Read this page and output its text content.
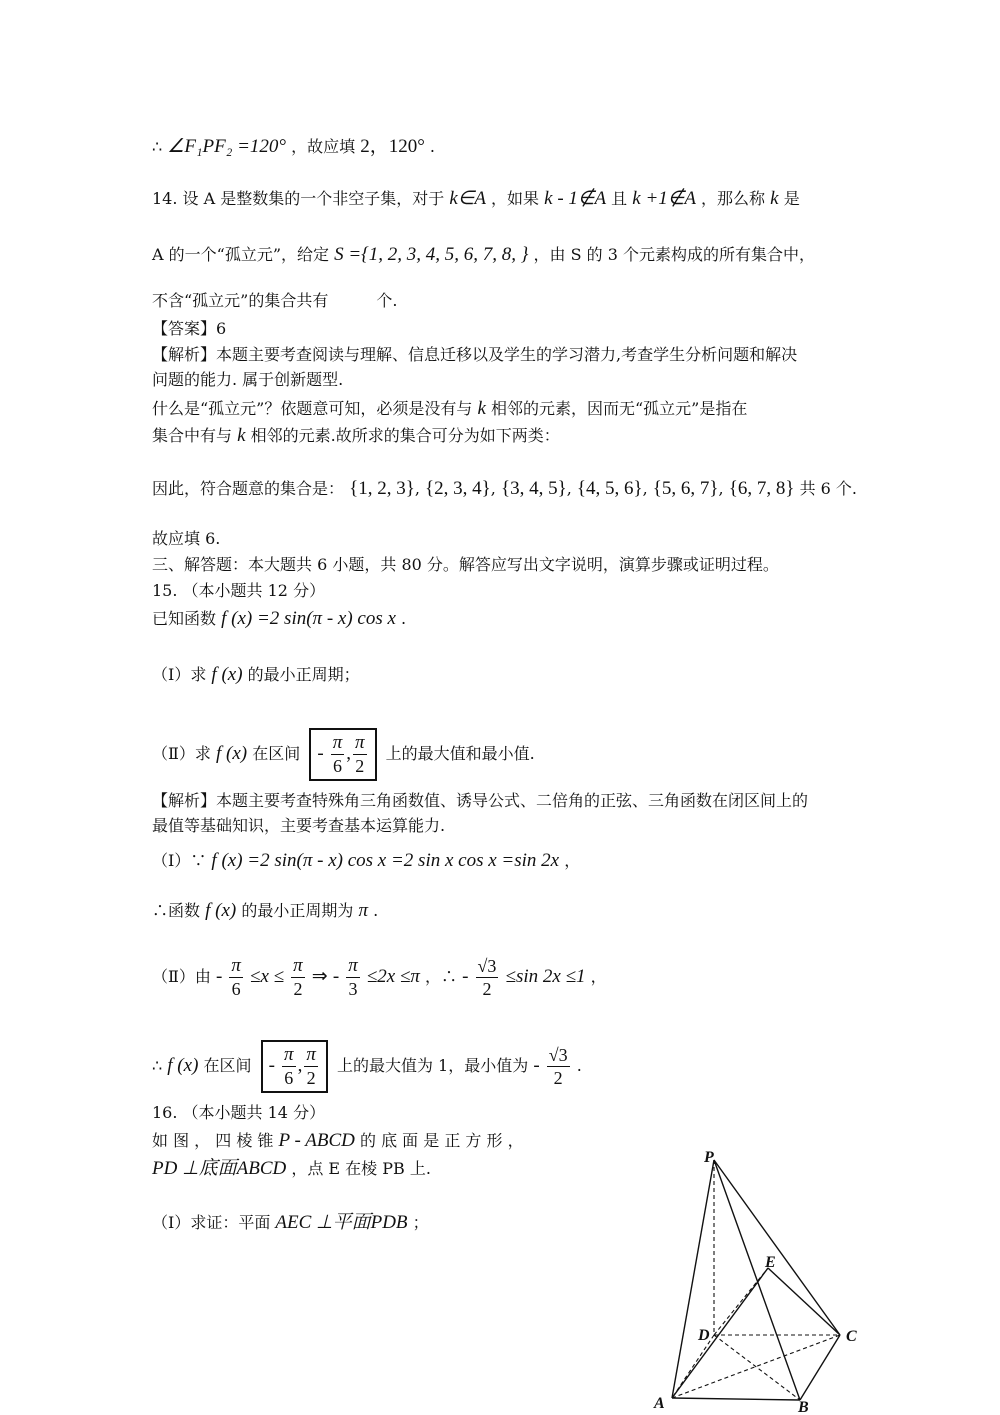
∴ ∠F₁PF₂ =120° ，故应填 2，120° .
14. 设 A 是整数集的一个非空子集，对于 k∈A ，如果 k - 1∉A 且 k +1∉A ，那么称 k 是
A 的一个“孤立元”，给定 S ={1, 2, 3, 4, 5, 6, 7, 8, } ，由 S 的 3 个元素构成的所有集合中，
不含“孤立元”的集合共有　　　个.
【答案】6
【解析】本题主要考查阅读与理解、信息迁移以及学生的学习潜力,考查学生分析问题和解决
问题的能力. 属于创新题型.
什么是“孤立元”？依题意可知，必须是没有与 k 相邻的元素，因而无“孤立元”是指在
集合中有与 k 相邻的元素.故所求的集合可分为如下两类：
因此，符合题意的集合是： {1, 2, 3}, {2, 3, 4}, {3, 4, 5}, {4, 5, 6}, {5, 6, 7}, {6, 7, 8} 共 6 个.
故应填 6.
三、解答题：本大题共 6 小题，共 80 分。解答应写出文字说明，演算步骤或证明过程。
15. （本小题共 12 分）
已知函数 f (x) =2 sin(π - x) cos x .
（Ⅰ）求 f (x) 的最小正周期；
（Ⅱ）求 f (x) 在区间 - $\frac{\pi}{6}$ , $\frac{\pi}{2}$ 上的最大值和最小值.
【解析】本题主要考查特殊角三角函数值、诱导公式、二倍角的正弦、三角函数在闭区间上的
最值等基础知识，主要考查基本运算能力.
（Ⅰ）∵ f (x) =2 sin(π - x) cos x =2 sin x cos x =sin 2x ，
∴函数 f (x) 的最小正周期为 π .
（Ⅱ）由 - $\frac{\pi}{6} \le x \le \frac{\pi}{2}$ ⇒ - $\frac{\pi}{3} \le 2x \le\pi$ ，∴ - $\frac{√3}{2} \le\sin$ 2x ≤1 ，
∴ f (x) 在区间 - $\frac{\pi}{6}$ , $\frac{\pi}{2}$ 上的最大值为 1，最小值为 - $\frac{√3}{2}$ .
16. （本小题共 14 分）
如 图 ， 四 棱 锥 P - ABCD 的 底 面 是 正 方 形 ，
PD ⊥底面ABCD ，点 E 在棱 PB 上.
（Ⅰ）求证：平面 AEC ⊥平面PDB ；
P
E
D	C
A	B
